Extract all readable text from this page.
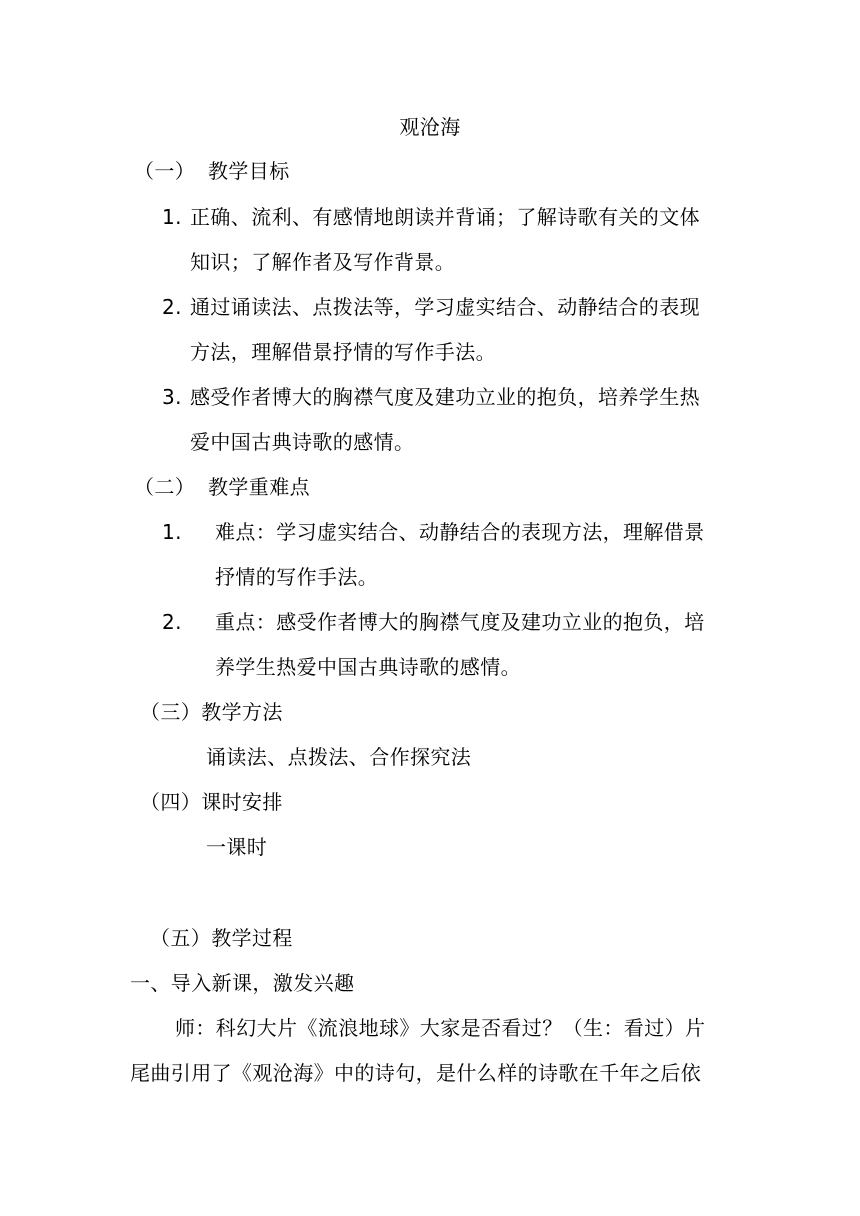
观沧海
（一） 教学目标
1. 正确、流利、有感情地朗读并背诵；了解诗歌有关的文体
知识；了解作者及写作背景。
2. 通过诵读法、点拨法等，学习虚实结合、动静结合的表现
方法，理解借景抒情的写作手法。
3. 感受作者博大的胸襟气度及建功立业的抱负，培养学生热
爱中国古典诗歌的感情。
（二） 教学重难点
1. 难点：学习虚实结合、动静结合的表现方法，理解借景
抒情的写作手法。
2. 重点：感受作者博大的胸襟气度及建功立业的抱负，培
养学生热爱中国古典诗歌的感情。
（三）教学方法
诵读法、点拨法、合作探究法
（四）课时安排
一课时
（五）教学过程
一、导入新课，激发兴趣
师：科幻大片《流浪地球》大家是否看过？（生：看过）片
尾曲引用了《观沧海》中的诗句，是什么样的诗歌在千年之后依
